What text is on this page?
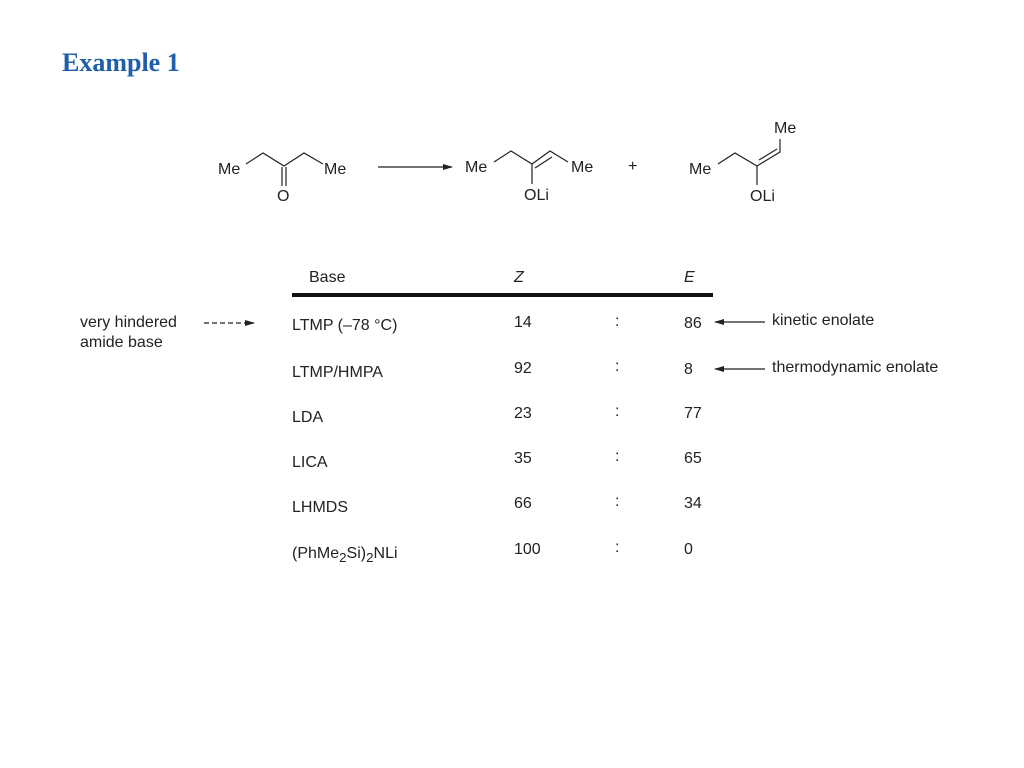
Example 1
Me	Me
O
Me	Me
OLi
+	Me
Me
OLi
Base	Z	E
LTMP (–78 °C)	14	:	86
LTMP/HMPA	92	:	8
LDA	23	:	77
LICA	35	:	65
LHMDS	66	:	34
$(PhMe_2Si)_2NLi$	100	:	0
very hindered
amide base
kinetic enolate
thermodynamic enolate
